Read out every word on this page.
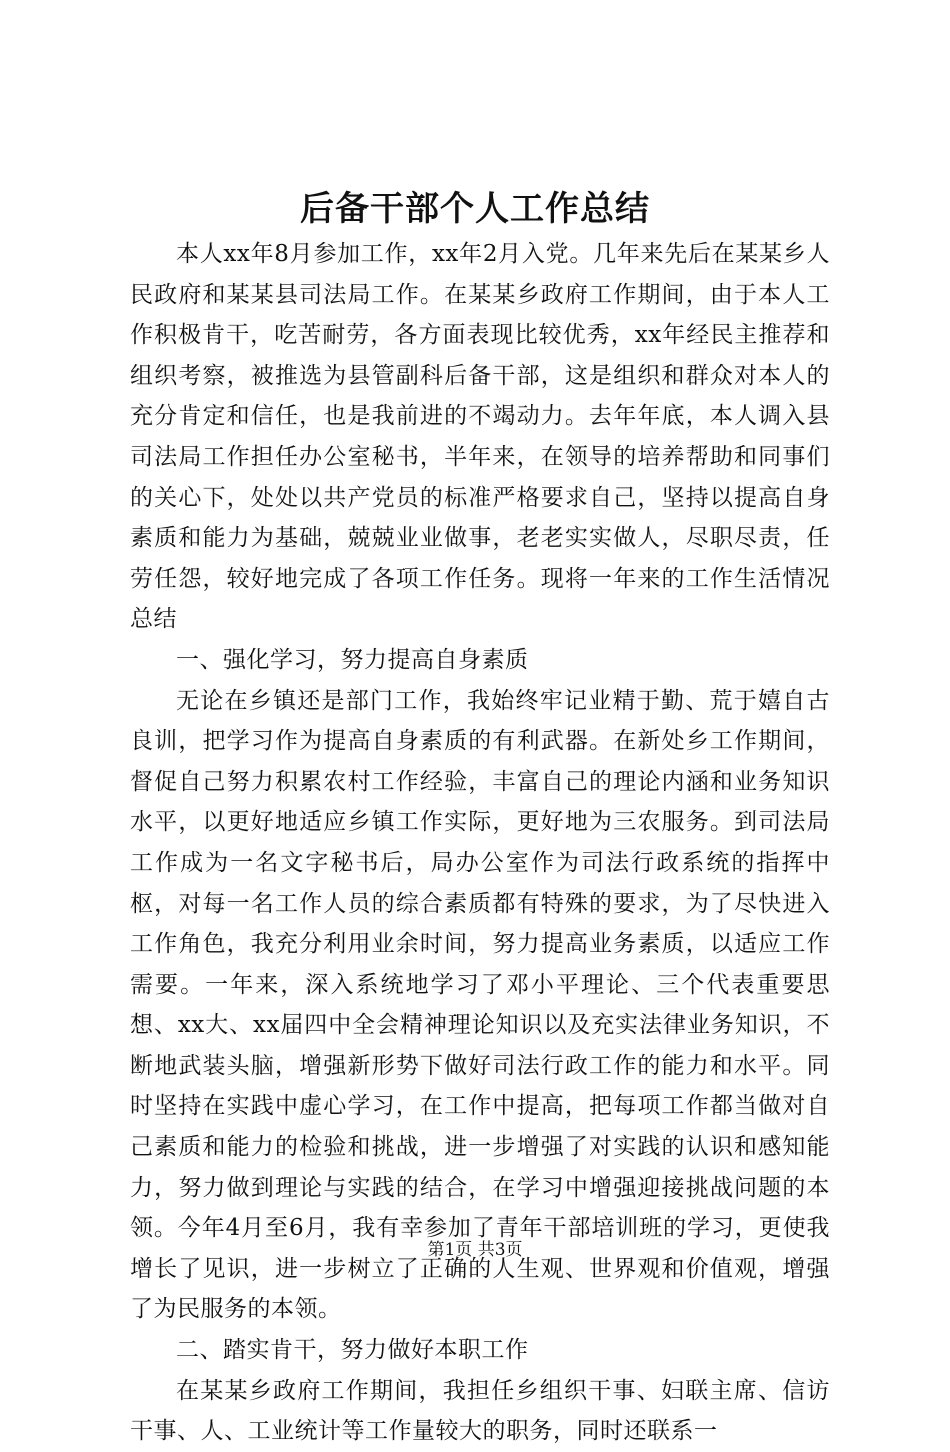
后备干部个人工作总结

本人xx年8月参加工作，xx年2月入党。几年来先后在某某乡人民政府和某某县司法局工作。在某某乡政府工作期间，由于本人工作积极肯干，吃苦耐劳，各方面表现比较优秀，xx年经民主推荐和组织考察，被推选为县管副科后备干部，这是组织和群众对本人的充分肯定和信任，也是我前进的不竭动力。去年年底，本人调入县司法局工作担任办公室秘书，半年来，在领导的培养帮助和同事们的关心下，处处以共产党员的标准严格要求自己，坚持以提高自身素质和能力为基础，兢兢业业做事，老老实实做人，尽职尽责，任劳任怨，较好地完成了各项工作任务。现将一年来的工作生活情况总结

一、强化学习，努力提高自身素质

无论在乡镇还是部门工作，我始终牢记业精于勤、荒于嬉自古良训，把学习作为提高自身素质的有利武器。在新处乡工作期间，督促自己努力积累农村工作经验，丰富自己的理论内涵和业务知识水平，以更好地适应乡镇工作实际，更好地为三农服务。到司法局工作成为一名文字秘书后，局办公室作为司法行政系统的指挥中枢，对每一名工作人员的综合素质都有特殊的要求，为了尽快进入工作角色，我充分利用业余时间，努力提高业务素质，以适应工作需要。一年来，深入系统地学习了邓小平理论、三个代表重要思想、xx大、xx届四中全会精神理论知识以及充实法律业务知识，不断地武装头脑，增强新形势下做好司法行政工作的能力和水平。同时坚持在实践中虚心学习，在工作中提高，把每项工作都当做对自己素质和能力的检验和挑战，进一步增强了对实践的认识和感知能力，努力做到理论与实践的结合，在学习中增强迎接挑战问题的本领。今年4月至6月，我有幸参加了青年干部培训班的学习，更使我增长了见识，进一步树立了正确的人生观、世界观和价值观，增强了为民服务的本领。

二、踏实肯干，努力做好本职工作

在某某乡政府工作期间，我担任乡组织干事、妇联主席、信访干事、人、工业统计等工作量较大的职务，同时还联系一

第1页 共3页
